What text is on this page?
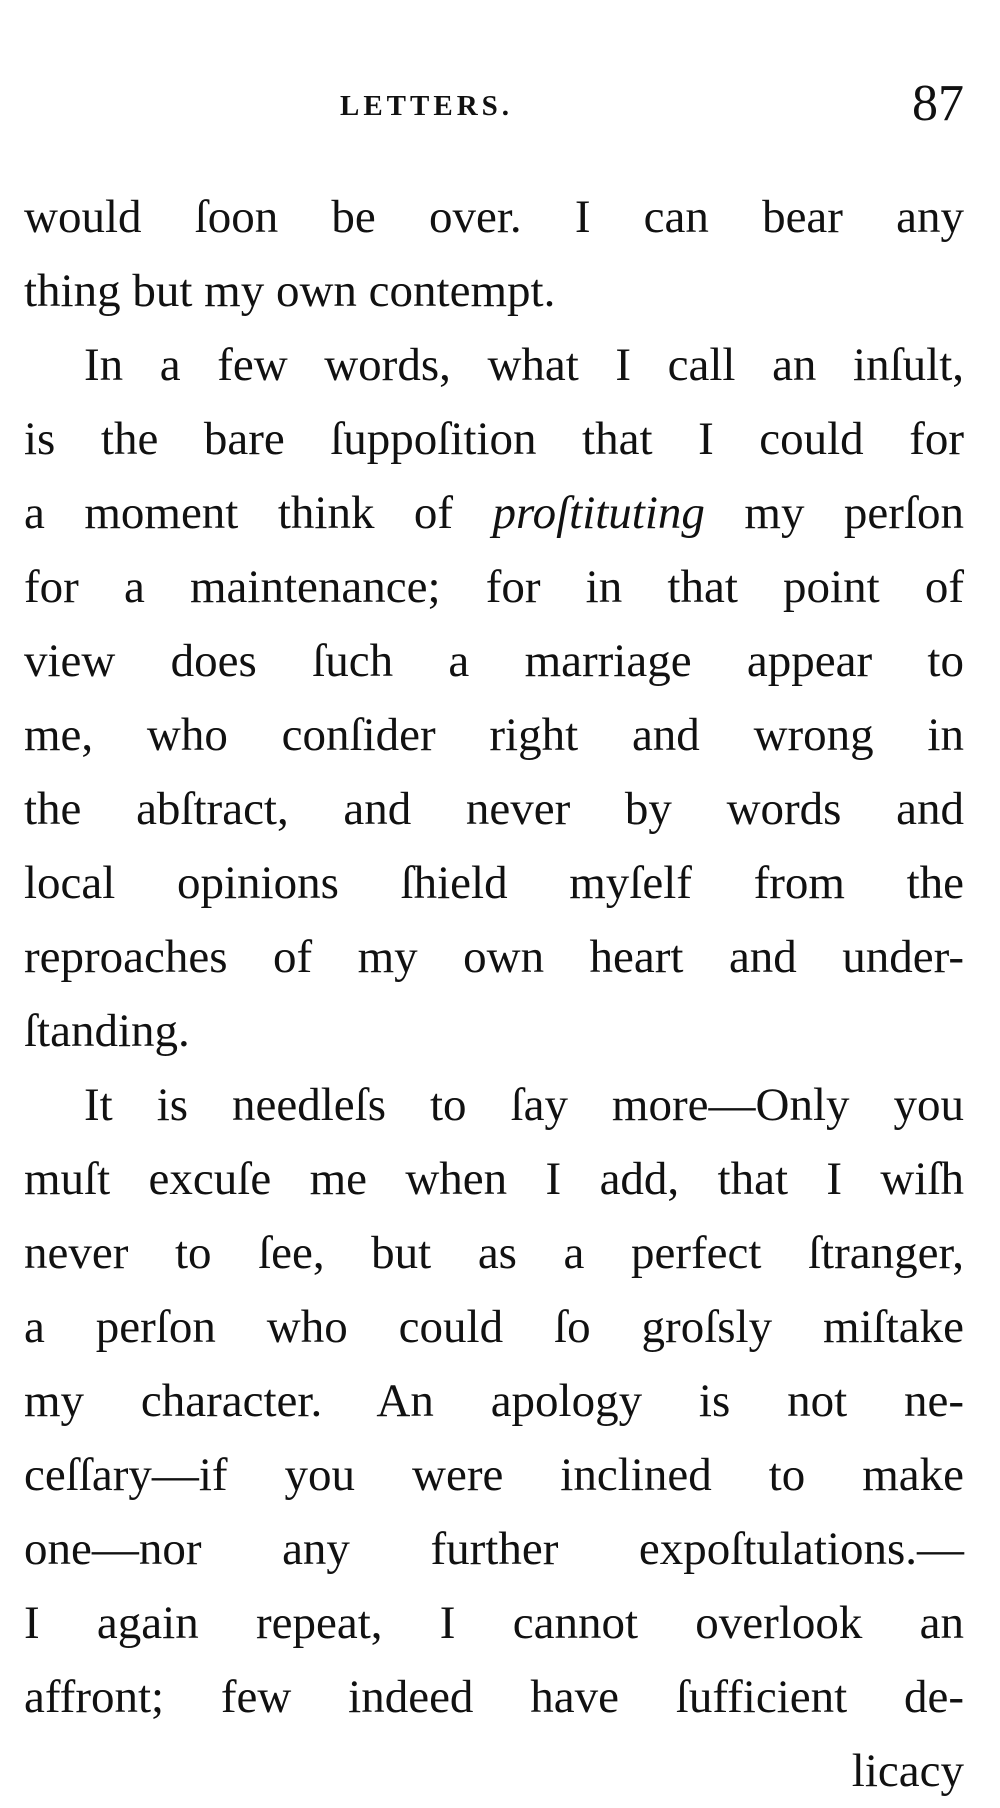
LETTERS.	87
would ſoon be over. I can bear any
thing but my own contempt.
In a few words, what I call an inſult,
is the bare ſuppoſition that I could for
a moment think of proſtituting my perſon
for a maintenance; for in that point of
view does ſuch a marriage appear to
me, who conſider right and wrong in
the abſtract, and never by words and
local opinions ſhield myſelf from the
reproaches of my own heart and under-
ſtanding.
It is needleſs to ſay more—Only you
muſt excuſe me when I add, that I wiſh
never to ſee, but as a perfect ſtranger,
a perſon who could ſo groſsly miſtake
my character. An apology is not ne-
ceſſary—if you were inclined to make
one—nor any further expoſtulations.—
I again repeat, I cannot overlook an
affront; few indeed have ſufficient de-
licacy
